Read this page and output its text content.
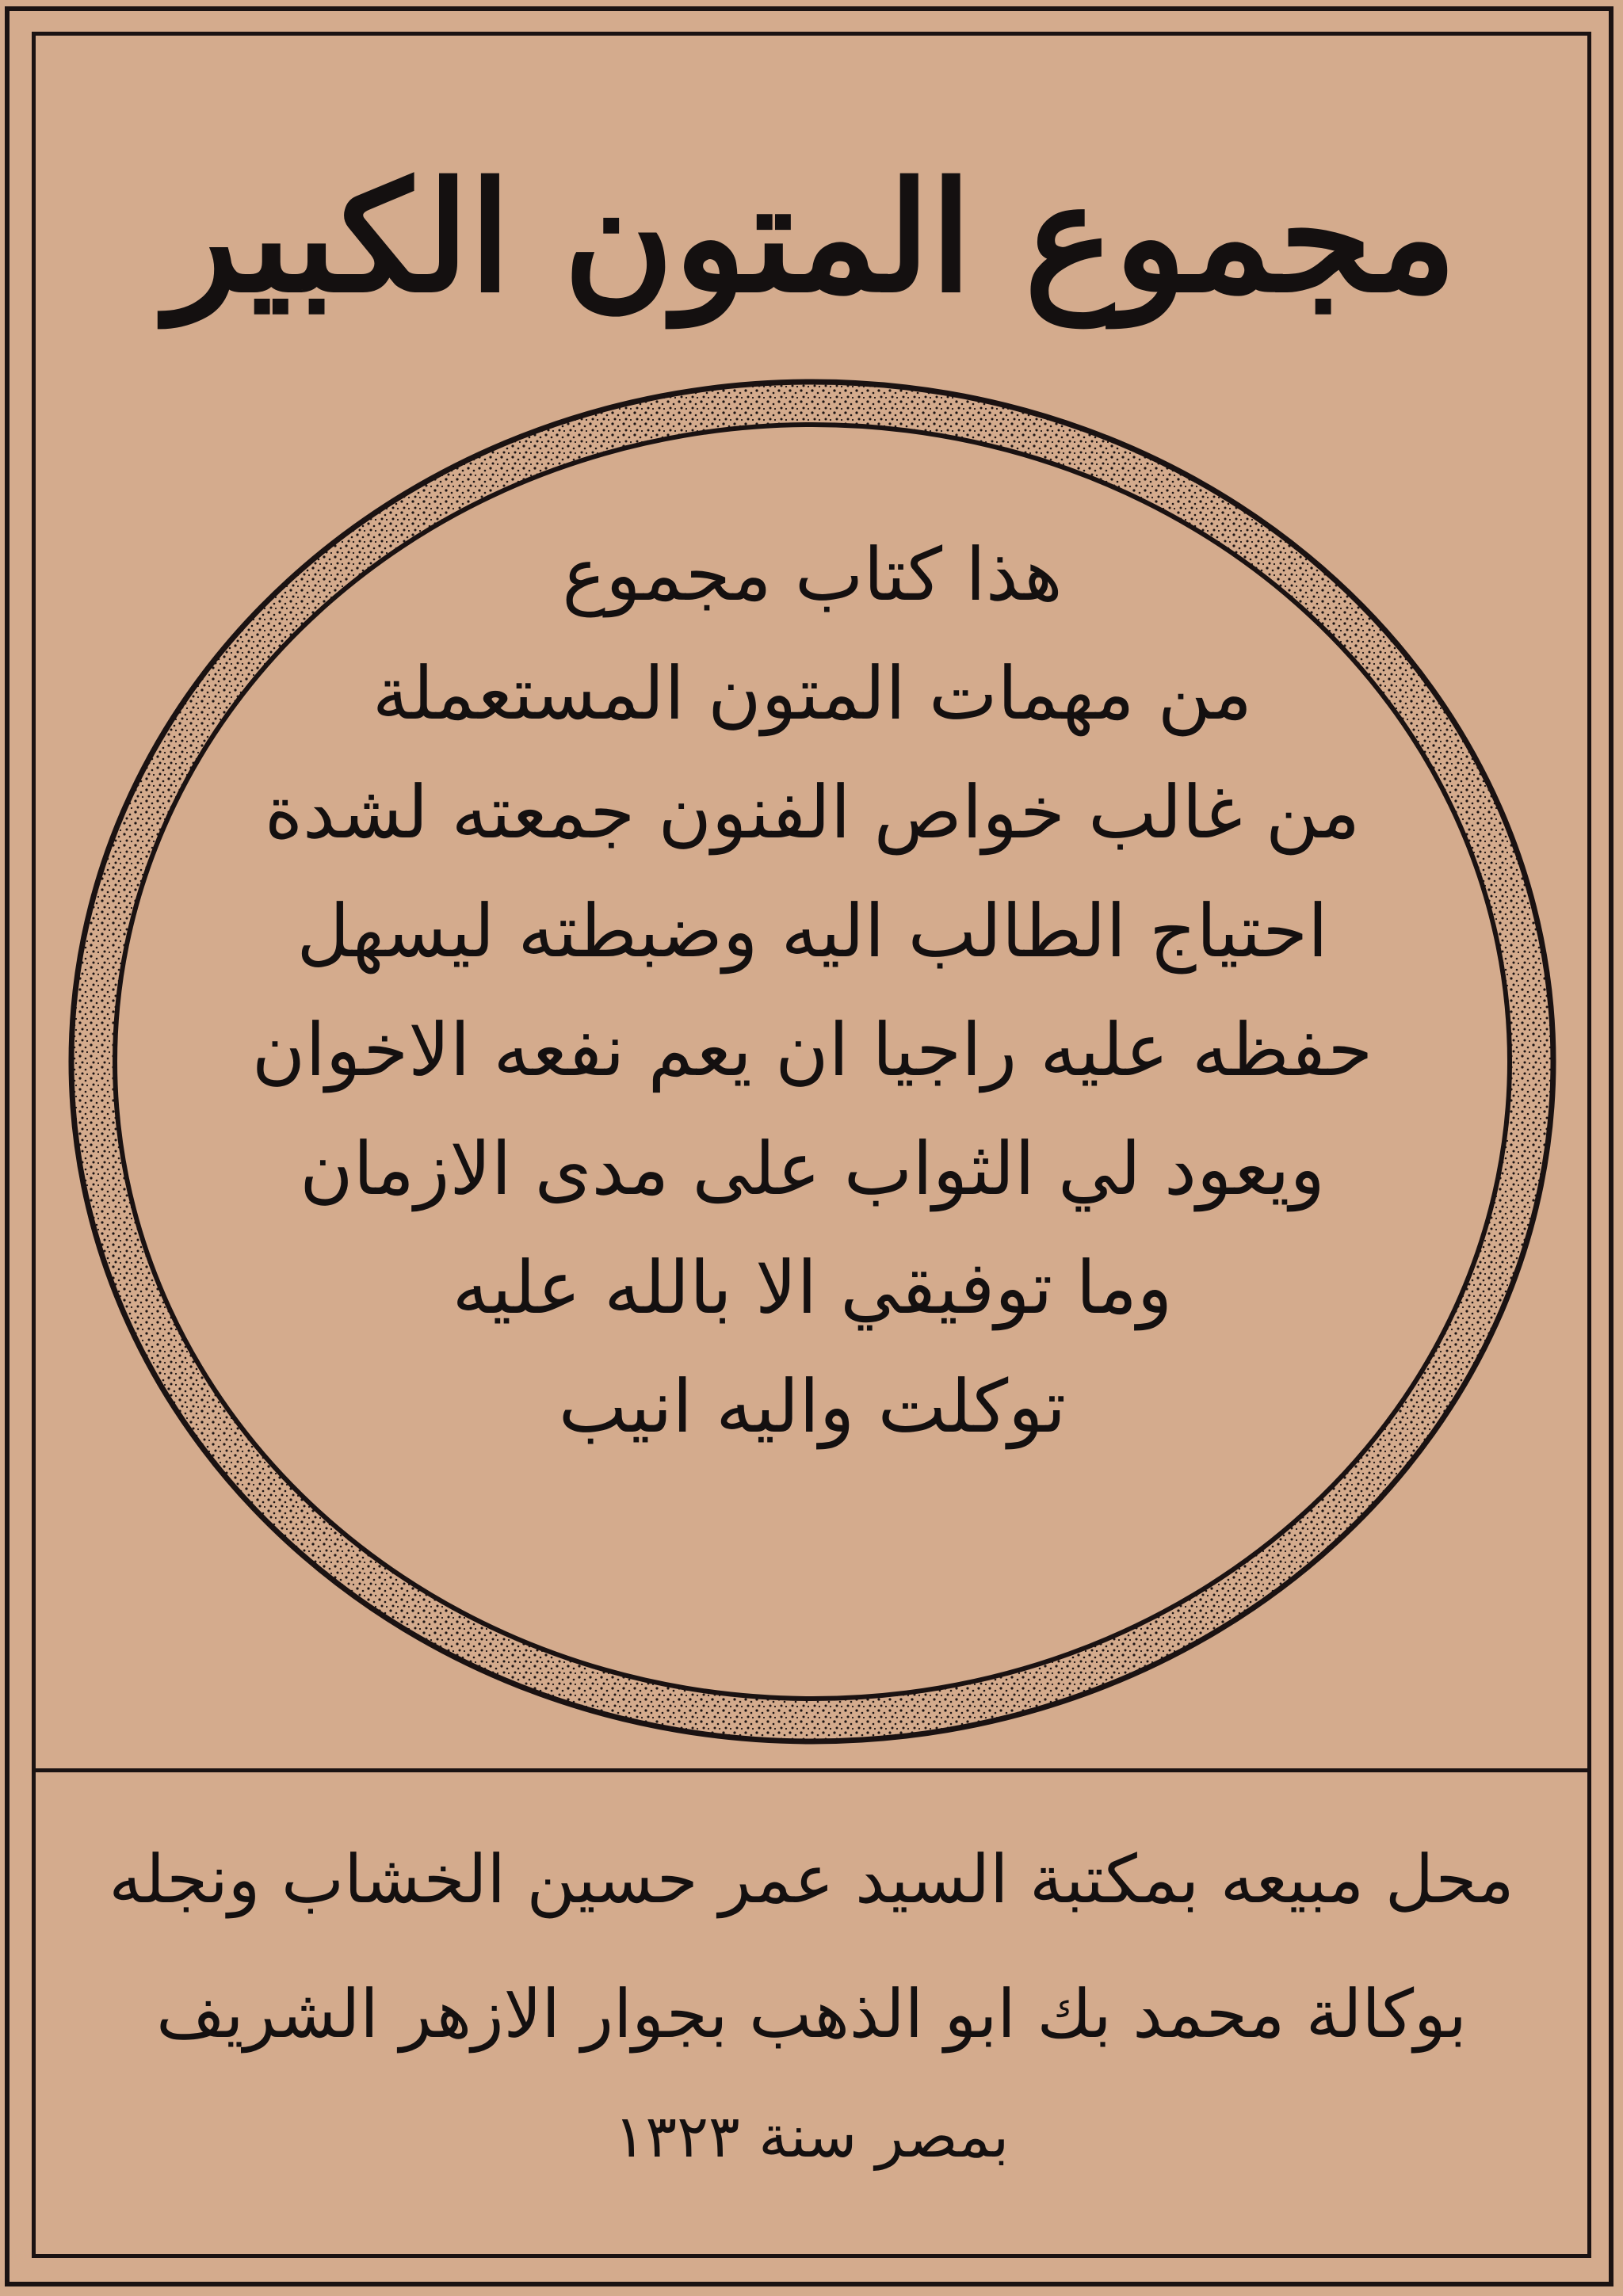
مجموع المتون الكبير
هذا كتاب مجموع
من مهمات المتون المستعملة
من غالب خواص الفنون جمعته لشدة
احتياج الطالب اليه وضبطته ليسهل
حفظه عليه راجيا ان يعم نفعه الاخوان
ويعود لي الثواب على مدى الازمان
وما توفيقي الا بالله عليه
توكلت واليه انيب
محل مبيعه بمكتبة السيد عمر حسين الخشاب ونجله
بوكالة محمد بك ابو الذهب بجوار الازهر الشريف
بمصر سنة ١٣٢٣
